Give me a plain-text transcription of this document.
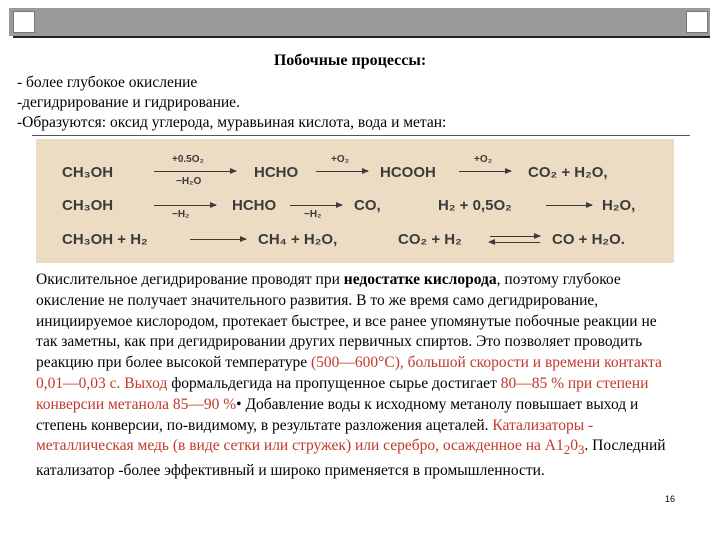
Побочные процессы:
- более глубокое окисление
-дегидрирование и гидрирование.
-Образуются: оксид углерода, муравьиная кислота, вода и метан:
CH₃OH
+0.5O₂
−H₂O
HCHO
+O₂
→ HCOOH
+O₂
→ CO₂ + H₂O,
CH₃OH
−H₂
HCHO →
−H₂
CO,	H₂ + 0,5O₂ → H₂O,
CH₃OH + H₂	→ CH₄ + H₂O,	CO₂ + H₂	CO + H₂O.
Окислительное дегидрирование проводят при недостатке кислорода, поэтому глубокое окисление не получает значительного развития. В то же время само дегидрирование, инициируемое кислородом, протекает быстрее, и все ранее упомянутые побочные реакции не так заметны, как при дегидрировании других первичных спиртов. Это позволяет проводить реакцию при более высокой температуре (500—600°С), большой скорости и времени контакта 0,01—0,03 с. Выход формальдегида на пропущенное сырье достигает 80—85 % при степени конверсии метанола 85—90 %• Добавление воды к исходному метанолу повышает выход и степень конверсии, по-видимому, в результате разложения ацеталей. Катализаторы - металлическая медь (в виде сетки или стружек) или серебро, осажденное на $А1_20_3$. Последний катализатор -более эффективный и широко применяется в промышленности.
16
